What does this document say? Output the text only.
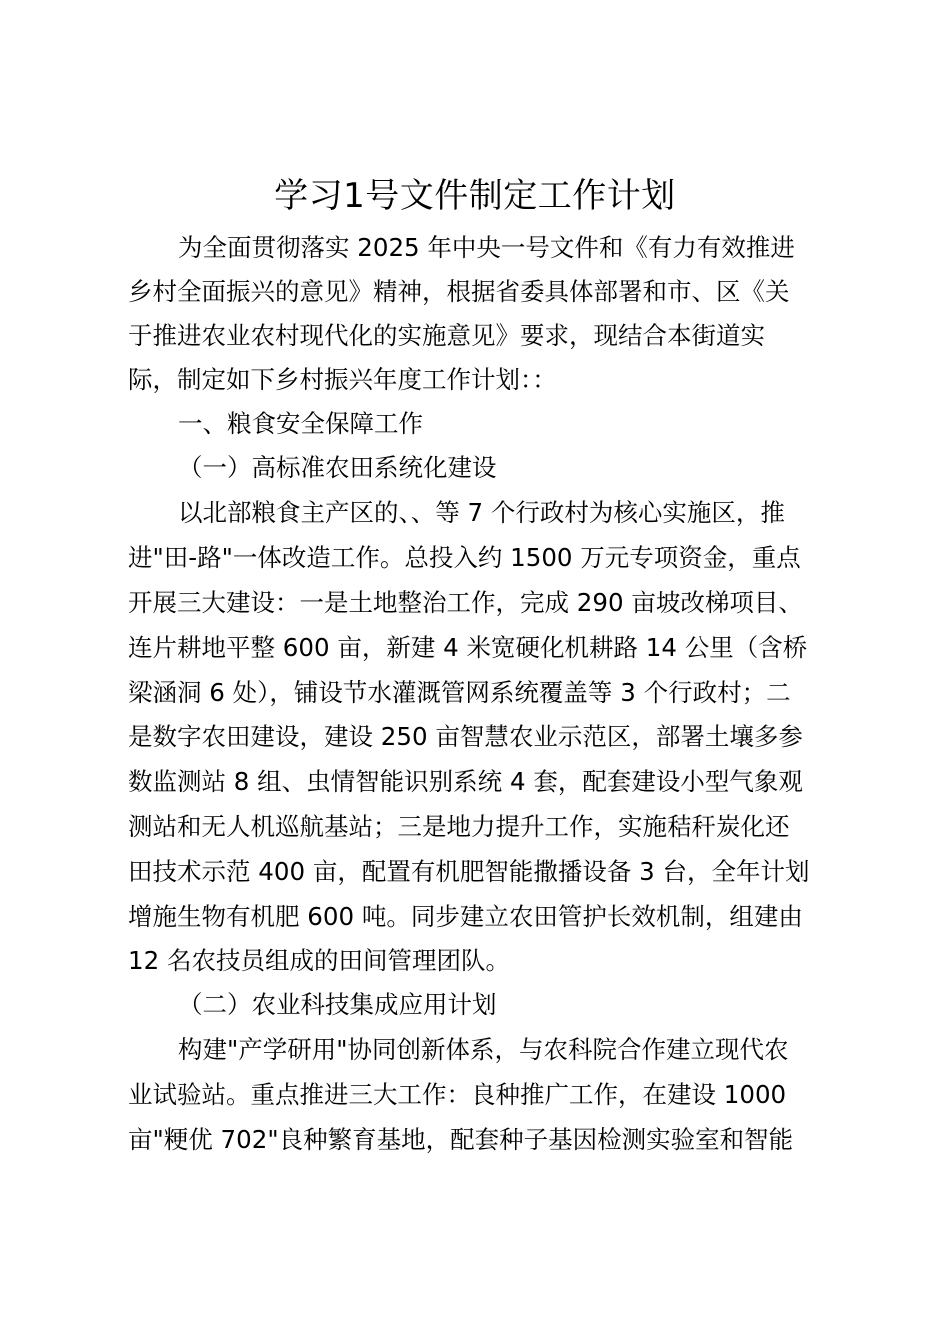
学习1号文件制定工作计划
为全面贯彻落实 2025 年中央一号文件和《有力有效推进
乡村全面振兴的意见》精神，根据省委具体部署和市、区《关
于推进农业农村现代化的实施意见》要求，现结合本街道实
际，制定如下乡村振兴年度工作计划：：
一、粮食安全保障工作
（一）高标准农田系统化建设
以北部粮食主产区的、、等 7 个行政村为核心实施区，推
进"田-路"一体改造工作。总投入约 1500 万元专项资金，重点
开展三大建设：一是土地整治工作，完成 290 亩坡改梯项目、
连片耕地平整 600 亩，新建 4 米宽硬化机耕路 14 公里（含桥
梁涵洞 6 处），铺设节水灌溉管网系统覆盖等 3 个行政村；二
是数字农田建设，建设 250 亩智慧农业示范区，部署土壤多参
数监测站 8 组、虫情智能识别系统 4 套，配套建设小型气象观
测站和无人机巡航基站；三是地力提升工作，实施秸秆炭化还
田技术示范 400 亩，配置有机肥智能撒播设备 3 台，全年计划
增施生物有机肥 600 吨。同步建立农田管护长效机制，组建由
12 名农技员组成的田间管理团队。
（二）农业科技集成应用计划
构建"产学研用"协同创新体系，与农科院合作建立现代农
业试验站。重点推进三大工作：良种推广工作，在建设 1000
亩"粳优 702"良种繁育基地，配套种子基因检测实验室和智能
